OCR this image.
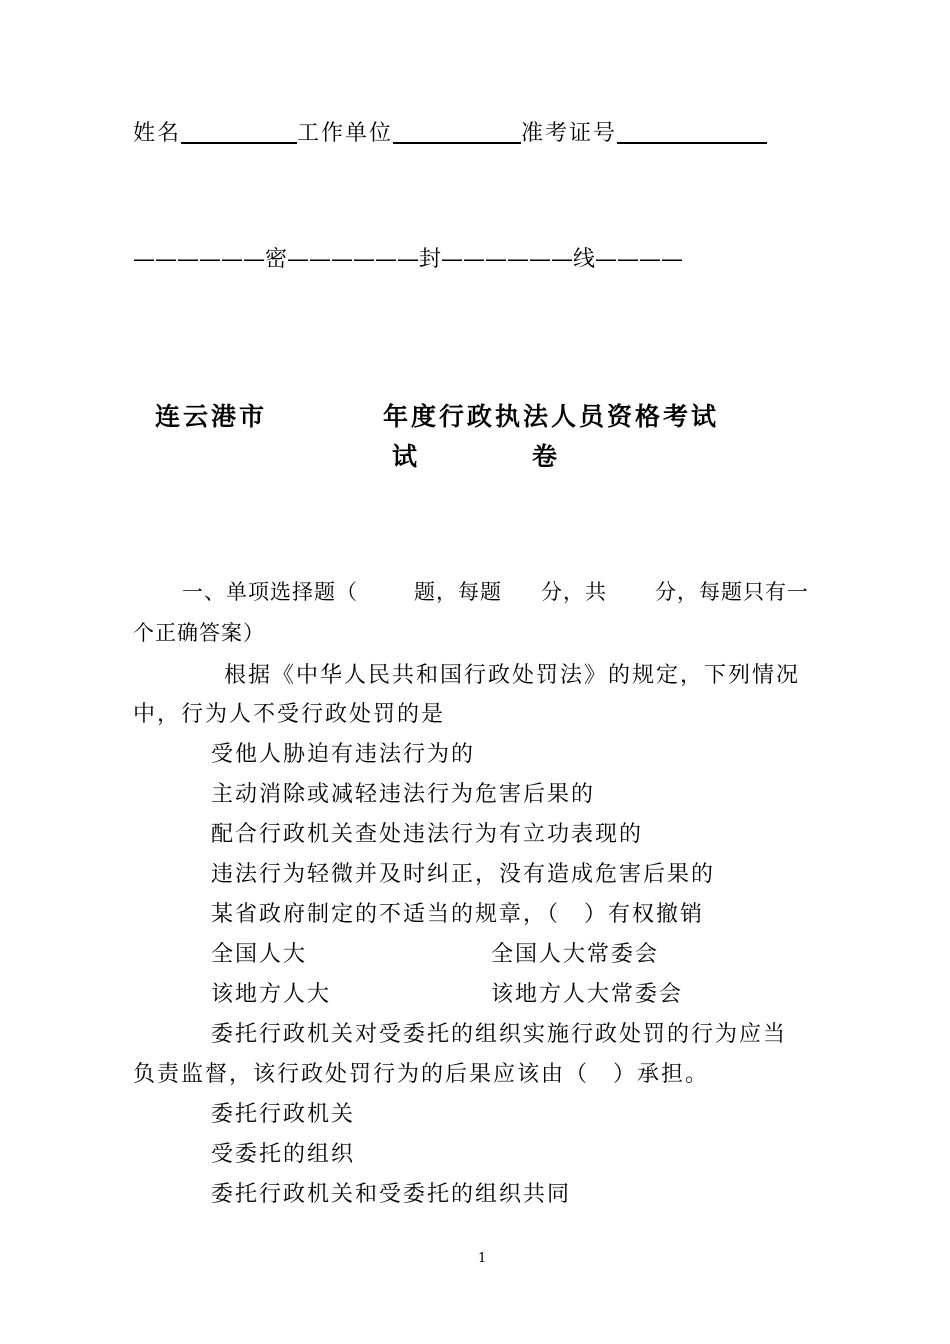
姓名	工作单位	准考证号
——————密——————封——————线————
连云港市	年度行政执法人员资格考试
试	卷
一、单项选择题（	题，每题 分，共 分，每题只有一
个正确答案）
根据《中华人民共和国行政处罚法》的规定，下列情况
中，行为人不受行政处罚的是
受他人胁迫有违法行为的
主动消除或减轻违法行为危害后果的
配合行政机关查处违法行为有立功表现的
违法行为轻微并及时纠正，没有造成危害后果的
某省政府制定的不适当的规章，（　）有权撤销
全国人大	全国人大常委会
该地方人大	该地方人大常委会
委托行政机关对受委托的组织实施行政处罚的行为应当
负责监督，该行政处罚行为的后果应该由（　）承担。
委托行政机关
受委托的组织
委托行政机关和受委托的组织共同
1
